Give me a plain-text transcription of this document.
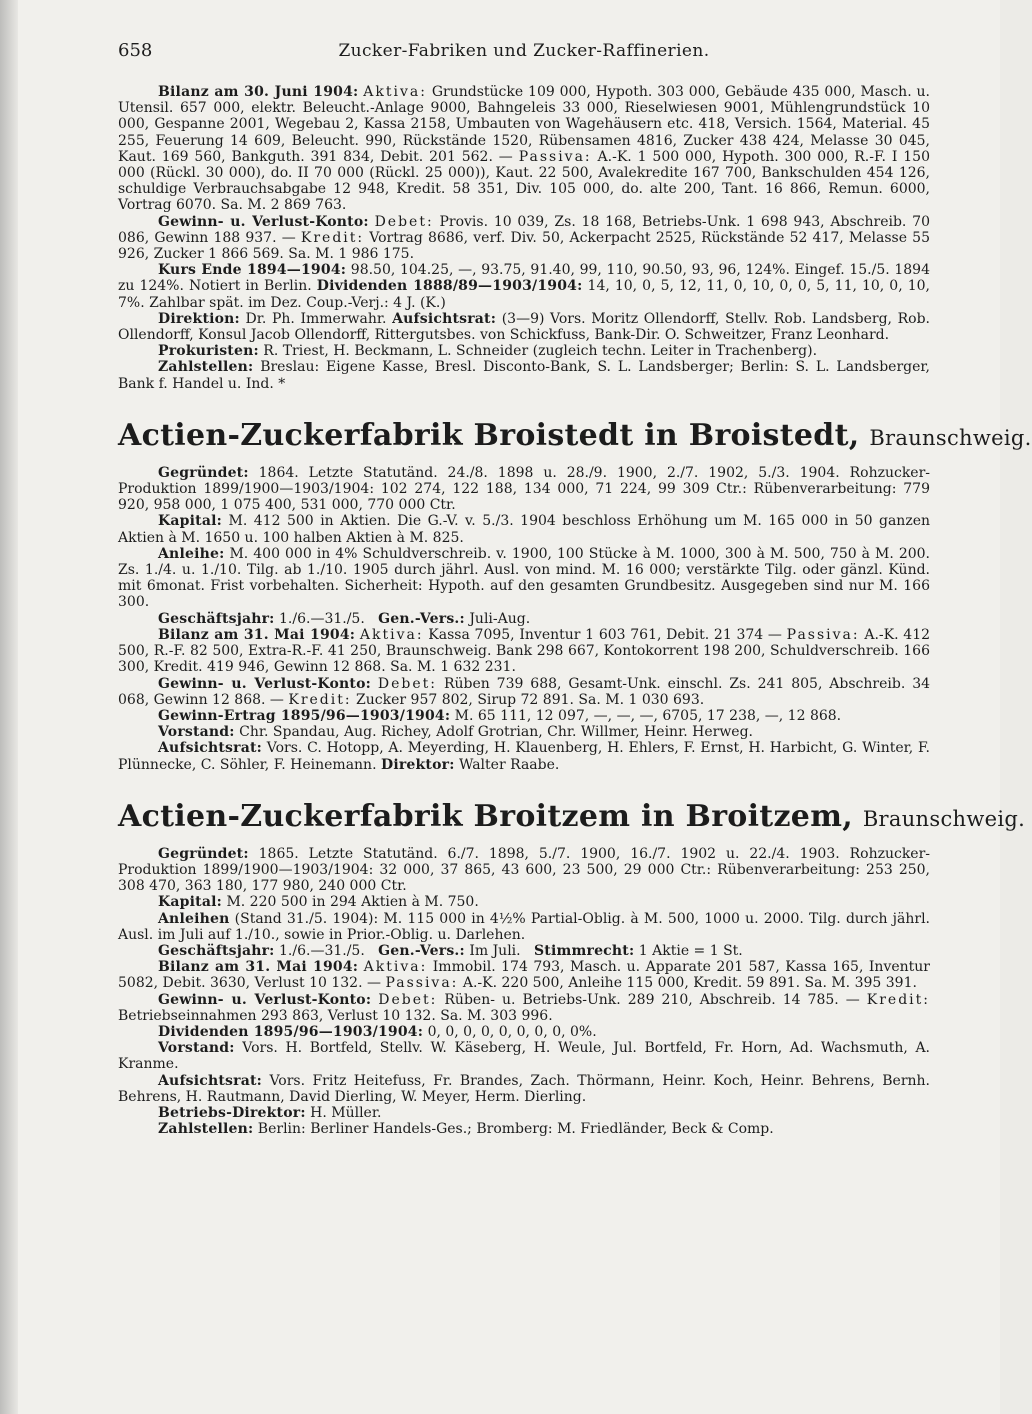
658	Zucker-Fabriken und Zucker-Raffinerien.

Bilanz am 30. Juni 1904: Aktiva: Grundstücke 109 000, Hypoth. 303 000, Gebäude 435 000, Masch. u. Utensil. 657 000, elektr. Beleucht.-Anlage 9000, Bahngeleis 33 000, Rieselwiesen 9001, Mühlengrundstück 10 000, Gespanne 2001, Wegebau 2, Kassa 2158, Umbauten von Wagehäusern etc. 418, Versich. 1564, Material. 45 255, Feuerung 14 609, Beleucht. 990, Rückstände 1520, Rübensamen 4816, Zucker 438 424, Melasse 30 045, Kaut. 169 560, Bankguth. 391 834, Debit. 201 562. — Passiva: A.-K. 1 500 000, Hypoth. 300 000, R.-F. I 150 000 (Rückl. 30 000), do. II 70 000 (Rückl. 25 000)), Kaut. 22 500, Avalekredite 167 700, Bankschulden 454 126, schuldige Verbrauchsabgabe 12 948, Kredit. 58 351, Div. 105 000, do. alte 200, Tant. 16 866, Remun. 6000, Vortrag 6070. Sa. M. 2 869 763.

Gewinn- u. Verlust-Konto: Debet: Provis. 10 039, Zs. 18 168, Betriebs-Unk. 1 698 943, Abschreib. 70 086, Gewinn 188 937. — Kredit: Vortrag 8686, verf. Div. 50, Ackerpacht 2525, Rückstände 52 417, Melasse 55 926, Zucker 1 866 569. Sa. M. 1 986 175.

Kurs Ende 1894—1904: 98.50, 104.25, —, 93.75, 91.40, 99, 110, 90.50, 93, 96, 124%. Eingef. 15./5. 1894 zu 124%. Notiert in Berlin. Dividenden 1888/89—1903/1904: 14, 10, 0, 5, 12, 11, 0, 10, 0, 0, 5, 11, 10, 0, 10, 7%. Zahlbar spät. im Dez. Coup.-Verj.: 4 J. (K.)

Direktion: Dr. Ph. Immerwahr. Aufsichtsrat: (3—9) Vors. Moritz Ollendorff, Stellv. Rob. Landsberg, Rob. Ollendorff, Konsul Jacob Ollendorff, Rittergutsbes. von Schickfuss, Bank-Dir. O. Schweitzer, Franz Leonhard.

Prokuristen: R. Triest, H. Beckmann, L. Schneider (zugleich techn. Leiter in Trachenberg).

Zahlstellen: Breslau: Eigene Kasse, Bresl. Disconto-Bank, S. L. Landsberger; Berlin: S. L. Landsberger, Bank f. Handel u. Ind. *

Actien-Zuckerfabrik Broistedt in Broistedt, Braunschweig.

Gegründet: 1864. Letzte Statutänd. 24./8. 1898 u. 28./9. 1900, 2./7. 1902, 5./3. 1904. Rohzucker-Produktion 1899/1900—1903/1904: 102 274, 122 188, 134 000, 71 224, 99 309 Ctr.: Rübenverarbeitung: 779 920, 958 000, 1 075 400, 531 000, 770 000 Ctr.

Kapital: M. 412 500 in Aktien. Die G.-V. v. 5./3. 1904 beschloss Erhöhung um M. 165 000 in 50 ganzen Aktien à M. 1650 u. 100 halben Aktien à M. 825.

Anleihe: M. 400 000 in 4% Schuldverschreib. v. 1900, 100 Stücke à M. 1000, 300 à M. 500, 750 à M. 200. Zs. 1./4. u. 1./10. Tilg. ab 1./10. 1905 durch jährl. Ausl. von mind. M. 16 000; verstärkte Tilg. oder gänzl. Künd. mit 6monat. Frist vorbehalten. Sicherheit: Hypoth. auf den gesamten Grundbesitz. Ausgegeben sind nur M. 166 300.

Geschäftsjahr: 1./6.—31./5. Gen.-Vers.: Juli-Aug.

Bilanz am 31. Mai 1904: Aktiva: Kassa 7095, Inventur 1 603 761, Debit. 21 374 — Passiva: A.-K. 412 500, R.-F. 82 500, Extra-R.-F. 41 250, Braunschweig. Bank 298 667, Kontokorrent 198 200, Schuldverschreib. 166 300, Kredit. 419 946, Gewinn 12 868. Sa. M. 1 632 231.

Gewinn- u. Verlust-Konto: Debet: Rüben 739 688, Gesamt-Unk. einschl. Zs. 241 805, Abschreib. 34 068, Gewinn 12 868. — Kredit: Zucker 957 802, Sirup 72 891. Sa. M. 1 030 693.

Gewinn-Ertrag 1895/96—1903/1904: M. 65 111, 12 097, —, —, —, 6705, 17 238, —, 12 868.

Vorstand: Chr. Spandau, Aug. Richey, Adolf Grotrian, Chr. Willmer, Heinr. Herweg.

Aufsichtsrat: Vors. C. Hotopp, A. Meyerding, H. Klauenberg, H. Ehlers, F. Ernst, H. Harbicht, G. Winter, F. Plünnecke, C. Söhler, F. Heinemann. Direktor: Walter Raabe.

Actien-Zuckerfabrik Broitzem in Broitzem, Braunschweig.

Gegründet: 1865. Letzte Statutänd. 6./7. 1898, 5./7. 1900, 16./7. 1902 u. 22./4. 1903. Rohzucker-Produktion 1899/1900—1903/1904: 32 000, 37 865, 43 600, 23 500, 29 000 Ctr.: Rübenverarbeitung: 253 250, 308 470, 363 180, 177 980, 240 000 Ctr.

Kapital: M. 220 500 in 294 Aktien à M. 750.

Anleihen (Stand 31./5. 1904): M. 115 000 in 4½% Partial-Oblig. à M. 500, 1000 u. 2000. Tilg. durch jährl. Ausl. im Juli auf 1./10., sowie in Prior.-Oblig. u. Darlehen.

Geschäftsjahr: 1./6.—31./5. Gen.-Vers.: Im Juli. Stimmrecht: 1 Aktie = 1 St.

Bilanz am 31. Mai 1904: Aktiva: Immobil. 174 793, Masch. u. Apparate 201 587, Kassa 165, Inventur 5082, Debit. 3630, Verlust 10 132. — Passiva: A.-K. 220 500, Anleihe 115 000, Kredit. 59 891. Sa. M. 395 391.

Gewinn- u. Verlust-Konto: Debet: Rüben- u. Betriebs-Unk. 289 210, Abschreib. 14 785. — Kredit: Betriebseinnahmen 293 863, Verlust 10 132. Sa. M. 303 996.

Dividenden 1895/96—1903/1904: 0, 0, 0, 0, 0, 0, 0, 0, 0%.

Vorstand: Vors. H. Bortfeld, Stellv. W. Käseberg, H. Weule, Jul. Bortfeld, Fr. Horn, Ad. Wachsmuth, A. Kranme.

Aufsichtsrat: Vors. Fritz Heitefuss, Fr. Brandes, Zach. Thörmann, Heinr. Koch, Heinr. Behrens, Bernh. Behrens, H. Rautmann, David Dierling, W. Meyer, Herm. Dierling.

Betriebs-Direktor: H. Müller.

Zahlstellen: Berlin: Berliner Handels-Ges.; Bromberg: M. Friedländer, Beck & Comp.
